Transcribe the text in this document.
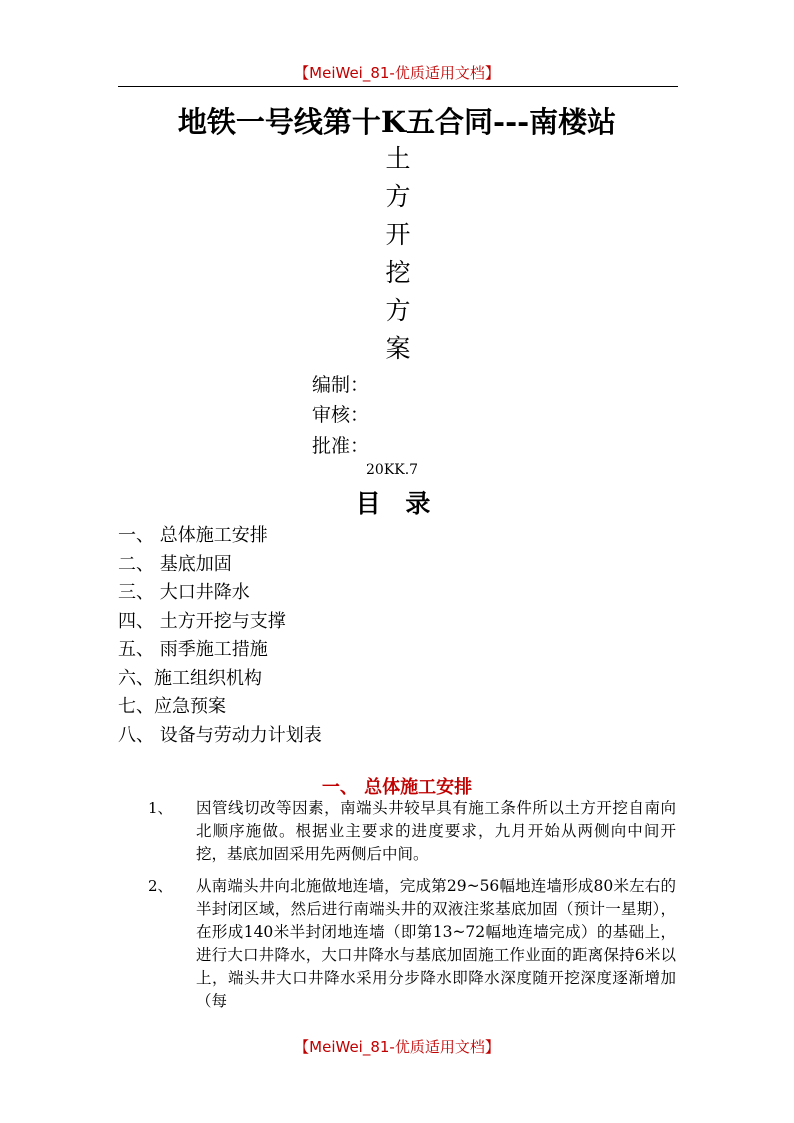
【MeiWei_81-优质适用文档】
地铁一号线第十K五合同---南楼站
土
方
开
挖
方
案
编制：
审核：
批准：
20KK.7
目 录
一、 总体施工安排
二、 基底加固
三、 大口井降水
四、 土方开挖与支撑
五、 雨季施工措施
六、施工组织机构
七、应急预案
八、 设备与劳动力计划表
一、 总体施工安排
1、 因管线切改等因素，南端头井较早具有施工条件所以土方开挖自南向北顺序施做。根据业主要求的进度要求，九月开始从两侧向中间开挖，基底加固采用先两侧后中间。
2、 从南端头井向北施做地连墙，完成第29~56幅地连墙形成80米左右的半封闭区域，然后进行南端头井的双液注浆基底加固（预计一星期），在形成140米半封闭地连墙（即第13~72幅地连墙完成）的基础上，进行大口井降水，大口井降水与基底加固施工作业面的距离保持6米以上，端头井大口井降水采用分步降水即降水深度随开挖深度逐渐增加（每
【MeiWei_81-优质适用文档】
